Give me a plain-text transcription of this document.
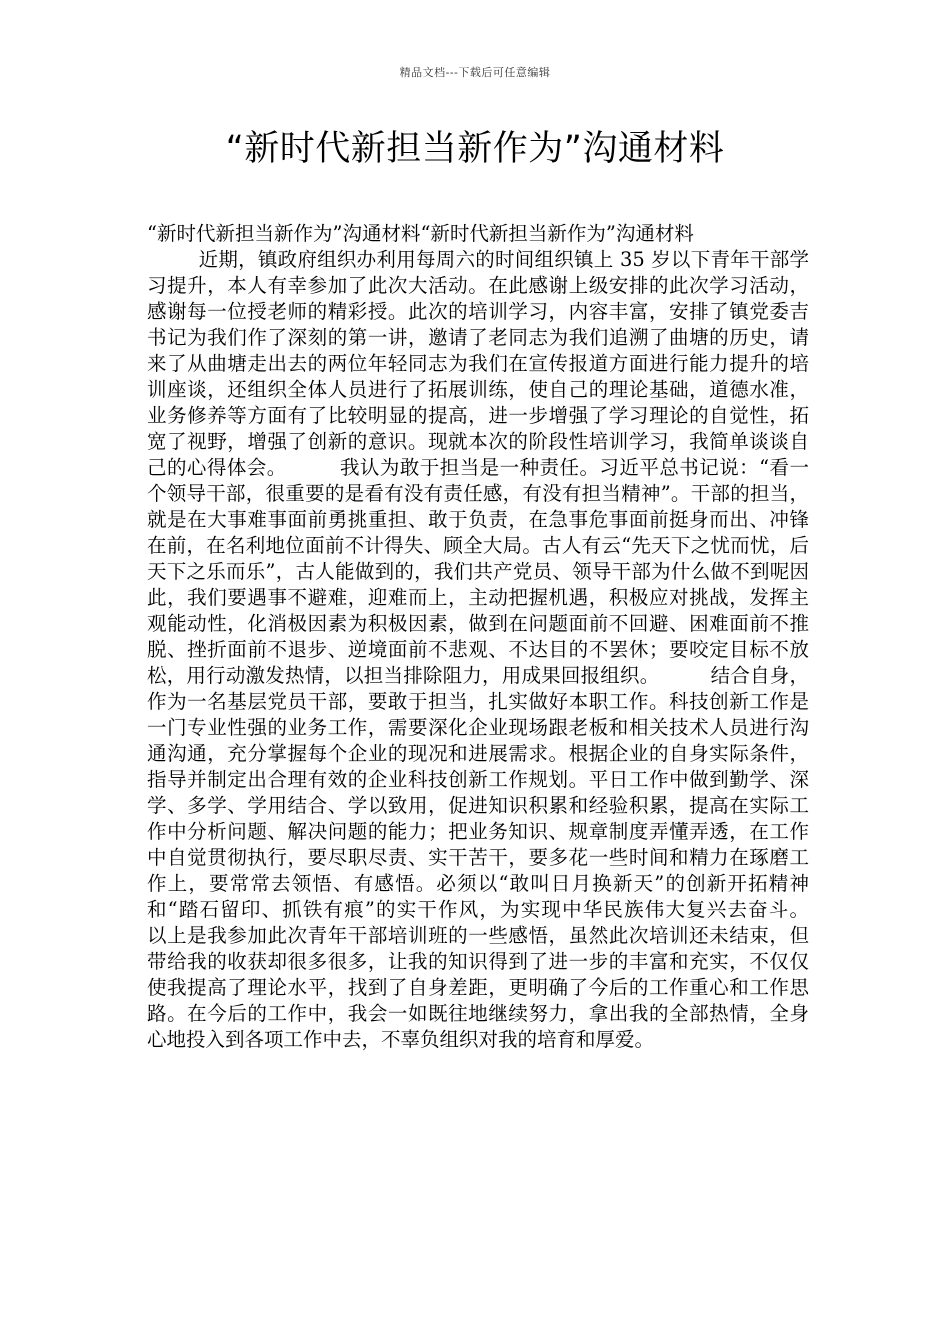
精品文档---下载后可任意编辑
“新时代新担当新作为”沟通材料

“新时代新担当新作为”沟通材料“新时代新担当新作为”沟通材料

近期，镇政府组织办利用每周六的时间组织镇上 35 岁以下青年干部学习提升，本人有幸参加了此次大活动。在此感谢上级安排的此次学习活动，感谢每一位授老师的精彩授。此次的培训学习，内容丰富，安排了镇党委吉书记为我们作了深刻的第一讲，邀请了老同志为我们追溯了曲塘的历史，请来了从曲塘走出去的两位年轻同志为我们在宣传报道方面进行能力提升的培训座谈，还组织全体人员进行了拓展训练，使自己的理论基础，道德水准，业务修养等方面有了比较明显的提高，进一步增强了学习理论的自觉性，拓宽了视野，增强了创新的意识。现就本次的阶段性培训学习，我简单谈谈自己的心得体会。        我认为敢于担当是一种责任。习近平总书记说：“看一个领导干部，很重要的是看有没有责任感，有没有担当精神”。干部的担当，就是在大事难事面前勇挑重担、敢于负责，在急事危事面前挺身而出、冲锋在前，在名利地位面前不计得失、顾全大局。古人有云“先天下之忧而忧，后天下之乐而乐”，古人能做到的，我们共产党员、领导干部为什么做不到呢因此，我们要遇事不避难，迎难而上，主动把握机遇，积极应对挑战，发挥主观能动性，化消极因素为积极因素，做到在问题面前不回避、困难面前不推脱、挫折面前不退步、逆境面前不悲观、不达目的不罢休；要咬定目标不放松，用行动激发热情，以担当排除阻力，用成果回报组织。        结合自身，作为一名基层党员干部，要敢于担当，扎实做好本职工作。科技创新工作是一门专业性强的业务工作，需要深化企业现场跟老板和相关技术人员进行沟通沟通，充分掌握每个企业的现况和进展需求。根据企业的自身实际条件，指导并制定出合理有效的企业科技创新工作规划。平日工作中做到勤学、深学、多学、学用结合、学以致用，促进知识积累和经验积累，提高在实际工作中分析问题、解决问题的能力；把业务知识、规章制度弄懂弄透，在工作中自觉贯彻执行，要尽职尽责、实干苦干，要多花一些时间和精力在琢磨工作上，要常常去领悟、有感悟。必须以“敢叫日月换新天”的创新开拓精神和“踏石留印、抓铁有痕”的实干作风，为实现中华民族伟大复兴去奋斗。        以上是我参加此次青年干部培训班的一些感悟，虽然此次培训还未结束，但带给我的收获却很多很多，让我的知识得到了进一步的丰富和充实，不仅仅使我提高了理论水平，找到了自身差距，更明确了今后的工作重心和工作思路。在今后的工作中，我会一如既往地继续努力，拿出我的全部热情，全身心地投入到各项工作中去，不辜负组织对我的培育和厚爱。
